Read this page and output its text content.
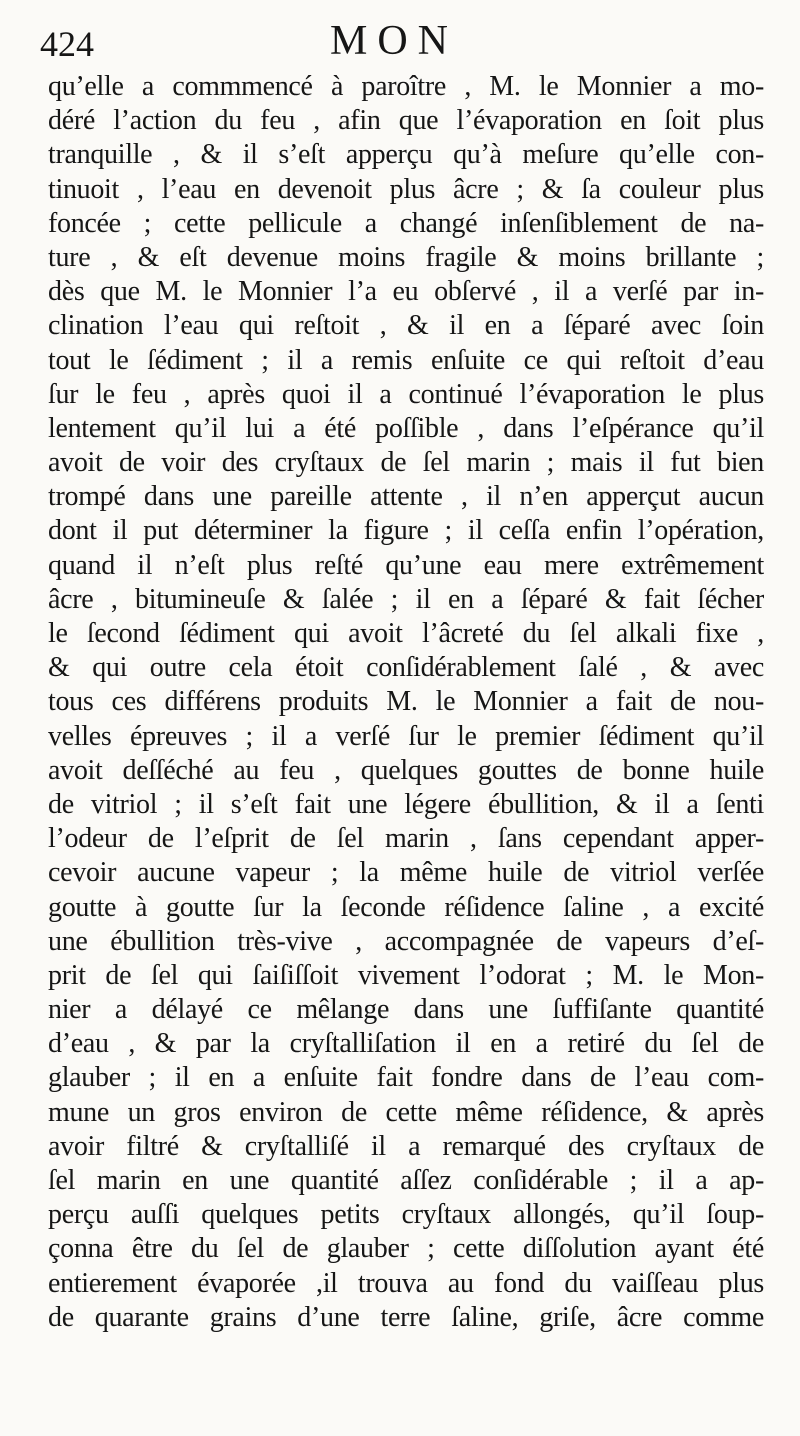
424	MON
qu’elle a commmencé à paroître , M. le Monnier a mo-
déré l’action du feu , afin que l’évaporation en ſoit plus
tranquille , & il s’eſt apperçu qu’à meſure qu’elle con-
tinuoit , l’eau en devenoit plus âcre ; & ſa couleur plus
foncée ; cette pellicule a changé inſenſiblement de na-
ture , & eſt devenue moins fragile & moins brillante ;
dès que M. le Monnier l’a eu obſervé , il a verſé par in-
clination l’eau qui reſtoit , & il en a ſéparé avec ſoin
tout le ſédiment ; il a remis enſuite ce qui reſtoit d’eau
ſur le feu , après quoi il a continué l’évaporation le plus
lentement qu’il lui a été poſſible , dans l’eſpérance qu’il
avoit de voir des cryſtaux de ſel marin ; mais il fut bien
trompé dans une pareille attente , il n’en apperçut aucun
dont il put déterminer la figure ; il ceſſa enfin l’opération,
quand il n’eſt plus reſté qu’une eau mere extrêmement
âcre , bitumineuſe & ſalée ; il en a ſéparé & fait ſécher
le ſecond ſédiment qui avoit l’âcreté du ſel alkali fixe ,
& qui outre cela étoit conſidérablement ſalé , & avec
tous ces différens produits M. le Monnier a fait de nou-
velles épreuves ; il a verſé ſur le premier ſédiment qu’il
avoit deſſéché au feu , quelques gouttes de bonne huile
de vitriol ; il s’eſt fait une légere ébullition, & il a ſenti
l’odeur de l’eſprit de ſel marin , ſans cependant apper-
cevoir aucune vapeur ; la même huile de vitriol verſée
goutte à goutte ſur la ſeconde réſidence ſaline , a excité
une ébullition très-vive , accompagnée de vapeurs d’eſ-
prit de ſel qui ſaiſiſſoit vivement l’odorat ; M. le Mon-
nier a délayé ce mêlange dans une ſuffiſante quantité
d’eau , & par la cryſtalliſation il en a retiré du ſel de
glauber ; il en a enſuite fait fondre dans de l’eau com-
mune un gros environ de cette même réſidence, & après
avoir filtré & cryſtalliſé il a remarqué des cryſtaux de
ſel marin en une quantité aſſez conſidérable ; il a ap-
perçu auſſi quelques petits cryſtaux allongés, qu’il ſoup-
çonna être du ſel de glauber ; cette diſſolution ayant été
entierement évaporée ,il trouva au fond du vaiſſeau plus
de quarante grains d’une terre ſaline, griſe, âcre comme
